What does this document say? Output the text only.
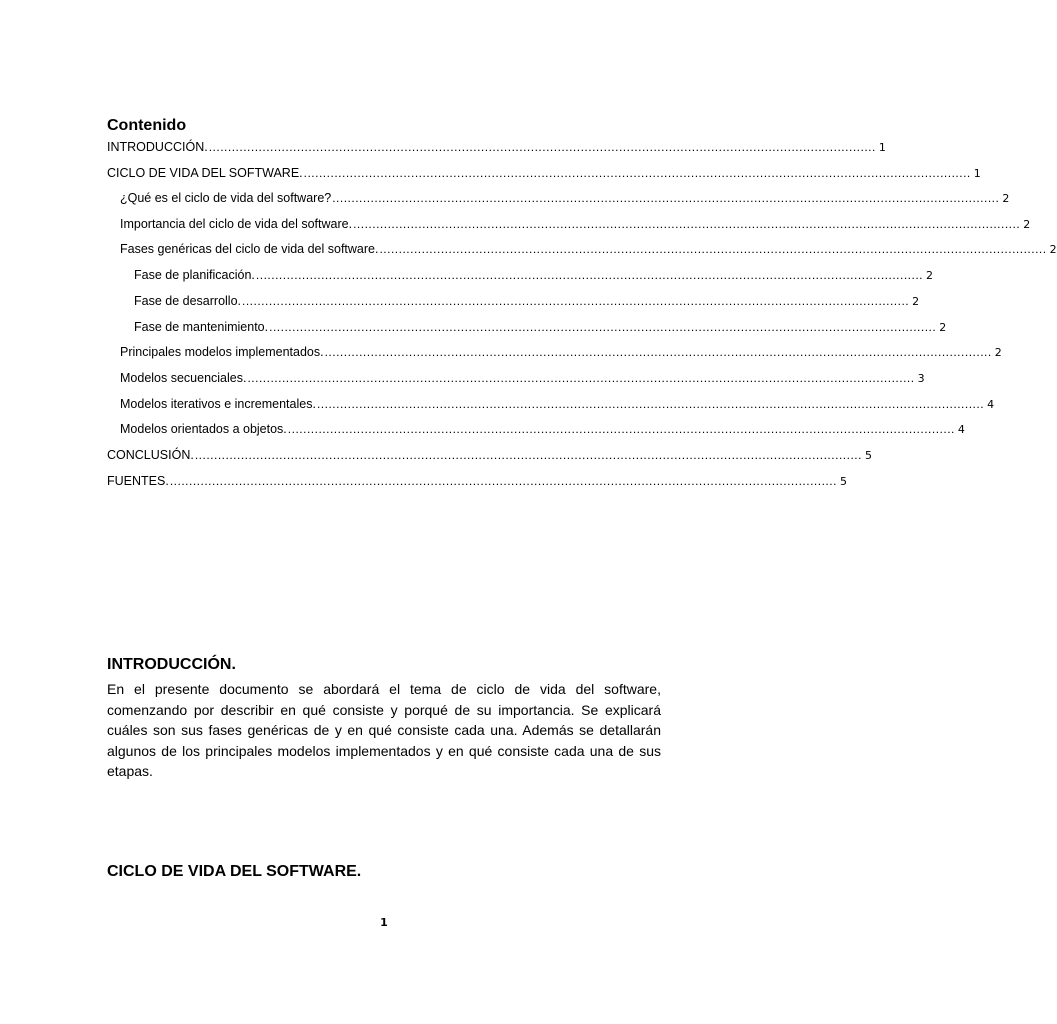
Contenido
INTRODUCCIÓN. .............................................................................................................................................................................. 1
CICLO DE VIDA DEL SOFTWARE. .............................................................................................................................................................................. 1
¿Qué es el ciclo de vida del software? .............................................................................................................................................................................. 2
Importancia del ciclo de vida del software. .............................................................................................................................................................................. 2
Fases genéricas del ciclo de vida del software. .............................................................................................................................................................................. 2
Fase de planificación. .............................................................................................................................................................................. 2
Fase de desarrollo. .............................................................................................................................................................................. 2
Fase de mantenimiento. .............................................................................................................................................................................. 2
Principales modelos implementados. .............................................................................................................................................................................. 2
Modelos secuenciales. .............................................................................................................................................................................. 3
Modelos iterativos e incrementales. .............................................................................................................................................................................. 4
Modelos orientados a objetos. .............................................................................................................................................................................. 4
CONCLUSIÓN. .............................................................................................................................................................................. 5
FUENTES. .............................................................................................................................................................................. 5
INTRODUCCIÓN.

En el presente documento se abordará el tema de ciclo de vida del software, comenzando por describir en qué consiste y porqué de su importancia. Se explicará cuáles son sus fases genéricas de y en qué consiste cada una. Además se detallarán algunos de los principales modelos implementados y en qué consiste cada una de sus etapas.

CICLO DE VIDA DEL SOFTWARE.

1
